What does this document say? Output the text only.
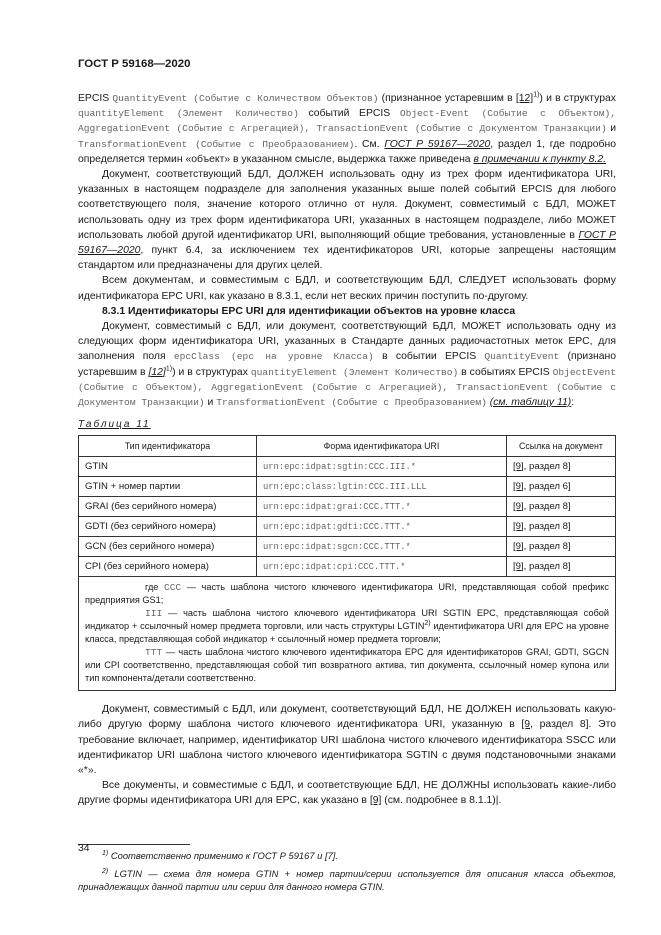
ГОСТ Р 59168—2020

EPCIS QuantityEvent (Событие с Количеством Объектов) (признанное устаревшим в $[12]^{1)}$) и в структурах quantityElement (Элемент Количество) событий EPCIS Object-Event (Событие с Объектом), AggregationEvent (Событие с Агрегацией), TransactionEvent (Событие с Документом Транзакции) и TransformationEvent (Событие с Преобразованием). См. ГОСТ Р 59167—2020, раздел 1, где подробно определяется термин «объект» в указанном смысле, выдержка также приведена в примечании к пункту 8.2.

Документ, соответствующий БДЛ, ДОЛЖЕН использовать одну из трех форм идентификатора URI, указанных в настоящем подразделе для заполнения указанных выше полей событий EPCIS для любого соответствующего поля, значение которого отлично от нуля. Документ, совместимый с БДЛ, МОЖЕТ использовать одну из трех форм идентификатора URI, указанных в настоящем подразделе, либо МОЖЕТ использовать любой другой идентификатор URI, выполняющий общие требования, установленные в ГОСТ Р 59167—2020, пункт 6.4, за исключением тех идентификаторов URI, которые запрещены настоящим стандартом или предназначены для других целей.

Всем документам, и совместимым с БДЛ, и соответствующим БДЛ, СЛЕДУЕТ использовать форму идентификатора EPC URI, как указано в 8.3.1, если нет веских причин поступить по-другому.

8.3.1 Идентификаторы EPC URI для идентификации объектов на уровне класса

Документ, совместимый с БДЛ, или документ, соответствующий БДЛ, МОЖЕТ использовать одну из следующих форм идентификатора URI, указанных в Стандарте данных радиочастотных меток EPC, для заполнения поля epcClass (epc на уровне Класса) в событии EPCIS QuantityEvent (признано устаревшим в $[12]^{1)}$) и в структурах quantityElement (Элемент Количество) в событиях EPCIS ObjectEvent (Событие с Объектом), AggregationEvent (Событие с Агрегацией), TransactionEvent (Событие с Документом Транзакции) и TransformationEvent (Событие с Преобразованием) (см. таблицу 11):

Таблица 11
Тип идентификатора	Форма идентификатора URI	Ссылка на документ
GTIN	urn:epc:idpat:sgtin:CCC.III.*	[9], раздел 8]
GTIN + номер партии	urn:epc:class:lgtin:CCC.III.LLL	[9], раздел 6]
GRAI (без серийного номера)	urn:epc:idpat:grai:CCC.TTT.*	[9], раздел 8]
GDTI (без серийного номера)	urn:epc:idpat:gdti:CCC.TTT.*	[9], раздел 8]
GCN (без серийного номера)	urn:epc:idpat:sgcn:CCC.TTT.*	[9], раздел 8]
CPI (без серийного номера)	urn:epc:idpat:cpi:CCC.TTT.*	[9], раздел 8]

где CCC — часть шаблона чистого ключевого идентификатора URI, представляющая собой префикс предприятия GS1;
III — часть шаблона чистого ключевого идентификатора URI SGTIN EPC, представляющая собой индикатор + ссылочный номер предмета торговли, или часть структуры LGTIN$^{2)}$ идентификатора URI для EPC на уровне класса, представляющая собой индикатор + ссылочный номер предмета торговли;
TTT — часть шаблона чистого ключевого идентификатора EPC для идентификаторов GRAI, GDTI, SGCN или CPI соответственно, представляющая собой тип возвратного актива, тип документа, ссылочный номер купона или тип компонента/детали соответственно.		

Документ, совместимый с БДЛ, или документ, соответствующий БДЛ, НЕ ДОЛЖЕН использовать какую-либо другую форму шаблона чистого ключевого идентификатора URI, указанную в [9, раздел 8]. Это требование включает, например, идентификатор URI шаблона чистого ключевого идентификатора SSCC или идентификатор URI шаблона чистого ключевого идентификатора SGTIN с двумя подстановочными знаками «*».

Все документы, и совместимые с БДЛ, и соответствующие БДЛ, НЕ ДОЛЖНЫ использовать какие-либо другие формы идентификатора URI для EPC, как указано в [9] (см. подробнее в 8.1.1)|.

$^{1)}$ Соответственно применимо к ГОСТ Р 59167 и [7].

$^{2)}$ LGTIN — схема для номера GTIN + номер партии/серии используется для описания класса объектов, принадлежащих данной партии или серии для данного номера GTIN.

34
